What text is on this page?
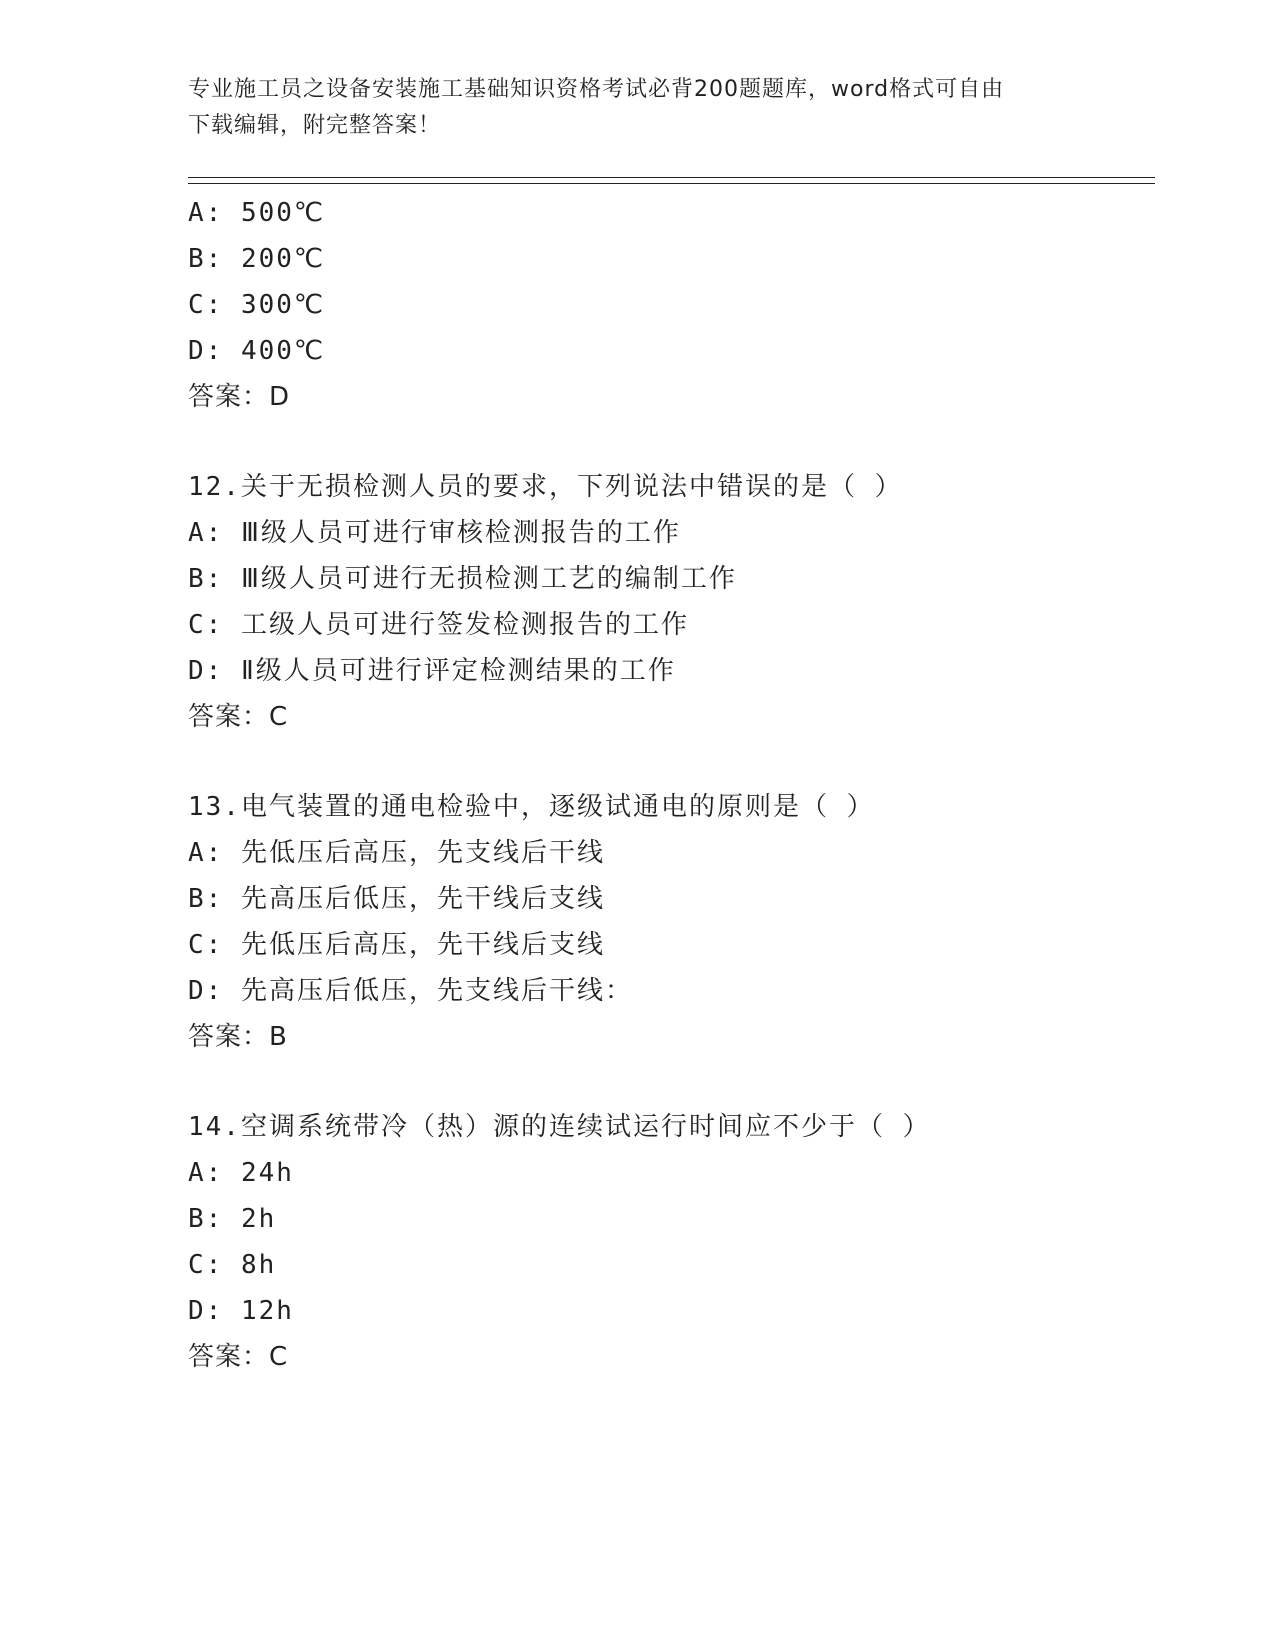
专业施工员之设备安装施工基础知识资格考试必背200题题库，word格式可自由
下载编辑，附完整答案！
A: 500℃
B: 200℃
C: 300℃
D: 400℃
答案：D
12.关于无损检测人员的要求，下列说法中错误的是（ ）
A: Ⅲ级人员可进行审核检测报告的工作
B: Ⅲ级人员可进行无损检测工艺的编制工作
C: 工级人员可进行签发检测报告的工作
D: Ⅱ级人员可进行评定检测结果的工作
答案：C
13.电气装置的通电检验中，逐级试通电的原则是（ ）
A: 先低压后高压，先支线后干线
B: 先高压后低压，先干线后支线
C: 先低压后高压，先干线后支线
D: 先高压后低压，先支线后干线：
答案：B
14.空调系统带冷（热）源的连续试运行时间应不少于（ ）
A: 24h
B: 2h
C: 8h
D: 12h
答案：C
